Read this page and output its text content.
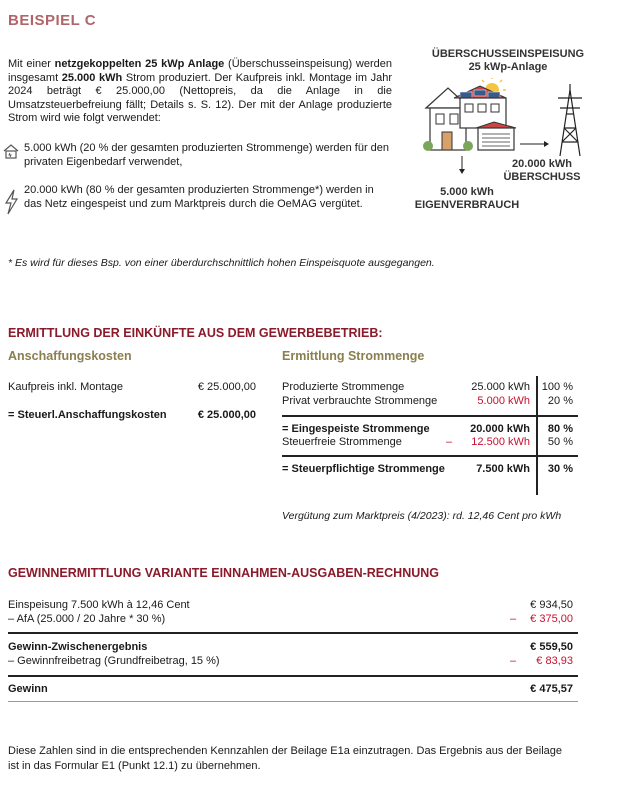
BEISPIEL C
Mit einer netzgekoppelten 25 kWp Anlage (Überschusseinspeisung) werden insgesamt 25.000 kWh Strom produziert. Der Kaufpreis inkl. Montage im Jahr 2024 beträgt € 25.000,00 (Nettopreis, da die Anlage in die Umsatzsteuerbefreiung fällt; Details s. S. 12). Der mit der Anlage produzierte Strom wird wie folgt verwendet:
5.000 kWh (20 % der gesamten produzierten Strommenge) werden für den privaten Eigenbedarf verwendet,
20.000 kWh (80 % der gesamten produzierten Strommenge*) werden in das Netz eingespeist und zum Marktpreis durch die OeMAG vergütet.
ÜBERSCHUSSEINSPEISUNG
25 kWp-Anlage
20.000 kWh
ÜBERSCHUSS
5.000 kWh
EIGENVERBRAUCH
* Es wird für dieses Bsp. von einer überdurchschnittlich hohen Einspeisquote ausgegangen.
ERMITTLUNG DER EINKÜNFTE AUS DEM GEWERBEBETRIEB:
Anschaffungskosten	Ermittlung Strommenge
Kaufpreis inkl. Montage	€ 25.000,00
= Steuerl.Anschaffungskosten	€ 25.000,00
Produzierte Strommenge	25.000 kWh 100 %
Privat verbrauchte Strommenge	5.000 kWh	20 %
= Eingespeiste Strommenge	20.000 kWh	80 %
Steuerfreie Strommenge	–	12.500 kWh	50 %
= Steuerpflichtige Strommenge	7.500 kWh	30 %
Vergütung zum Marktpreis (4/2023): rd. 12,46 Cent pro kWh
GEWINNERMITTLUNG VARIANTE EINNAHMEN-AUSGABEN-RECHNUNG
Einspeisung 7.500 kWh à 12,46 Cent	€ 934,50
– AfA (25.000 / 20 Jahre * 30 %)	–	€ 375,00
Gewinn-Zwischenergebnis	€ 559,50
– Gewinnfreibetrag (Grundfreibetrag, 15 %)	–	€ 83,93
Gewinn	€ 475,57
Diese Zahlen sind in die entsprechenden Kennzahlen der Beilage E1a einzutragen. Das Ergebnis aus der Beilage ist in das Formular E1 (Punkt 12.1) zu übernehmen.
